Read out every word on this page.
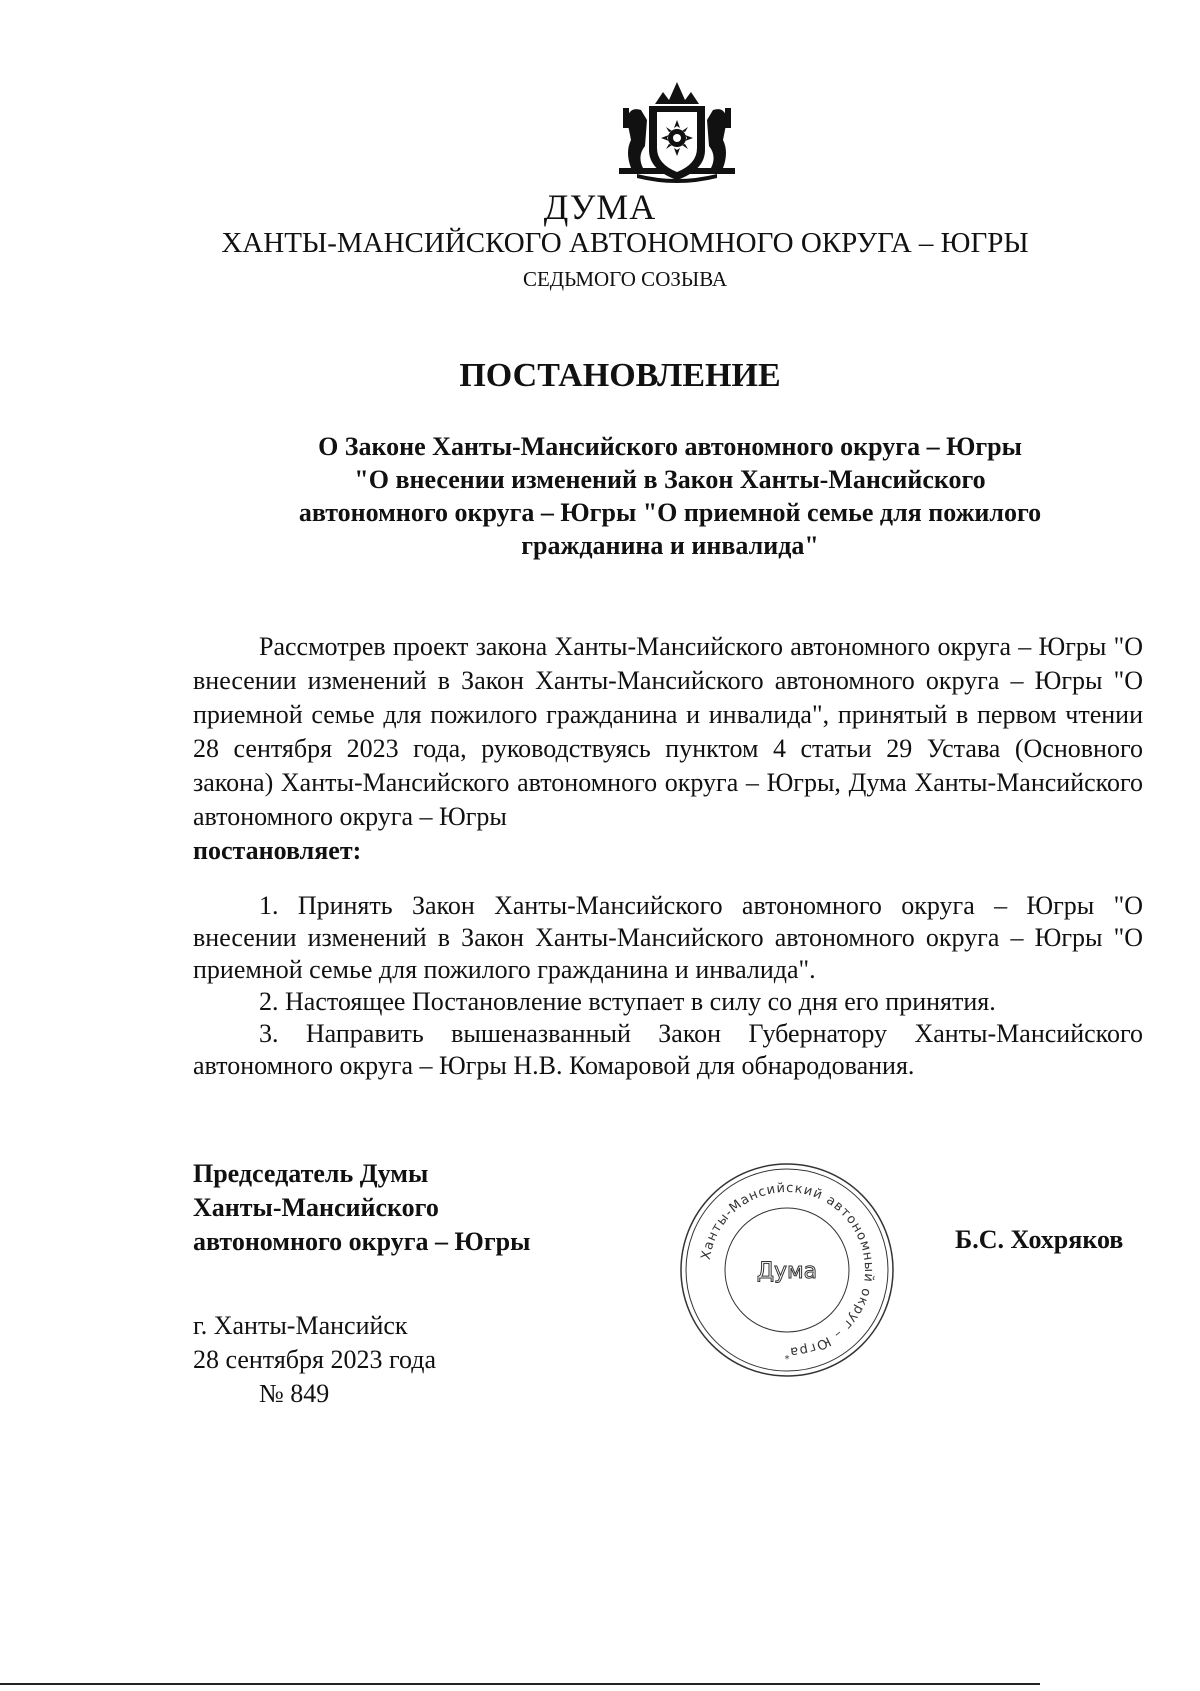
ДУМА
ХАНТЫ-МАНСИЙСКОГО АВТОНОМНОГО ОКРУГА – ЮГРЫ
СЕДЬМОГО СОЗЫВА
ПОСТАНОВЛЕНИЕ
О Законе Ханты-Мансийского автономного округа – Югры
"О внесении изменений в Закон Ханты-Мансийского
автономного округа – Югры "О приемной семье для пожилого
гражданина и инвалида"

Рассмотрев проект закона Ханты-Мансийского автономного округа – Югры "О внесении изменений в Закон Ханты-Мансийского автономного округа – Югры "О приемной семье для пожилого гражданина и инвалида", принятый в первом чтении 28 сентября 2023 года, руководствуясь пунктом 4 статьи 29 Устава (Основного закона) Ханты-Мансийского автономного округа – Югры, Дума Ханты-Мансийского автономного округа – Югры
постановляет:

1. Принять Закон Ханты-Мансийского автономного округа – Югры "О внесении изменений в Закон Ханты-Мансийского автономного округа – Югры "О приемной семье для пожилого гражданина и инвалида".

2. Настоящее Постановление вступает в силу со дня его принятия.

3. Направить вышеназванный Закон Губернатору Ханты-Мансийского автономного округа – Югры Н.В. Комаровой для обнародования.

Председатель Думы
Ханты-Мансийского
автономного округа – Югры	Ханты-Мансийский автономный округ – Югра
Дума
*
Б.С. Хохряков
г. Ханты-Мансийск
28 сентября 2023 года
№ 849
